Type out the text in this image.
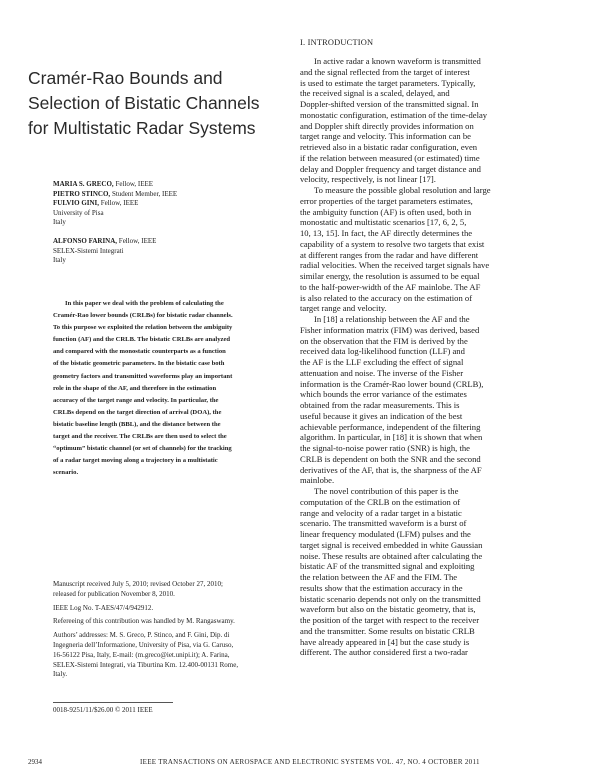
Cramér-Rao Bounds and
Selection of Bistatic Channels
for Multistatic Radar Systems
MARIA S. GRECO, Fellow, IEEE
PIETRO STINCO, Student Member, IEEE
FULVIO GINI, Fellow, IEEE
University of Pisa
Italy
ALFONSO FARINA, Fellow, IEEE
SELEX-Sistemi Integrati
Italy
In this paper we deal with the problem of calculating the
Cramér-Rao lower bounds (CRLBs) for bistatic radar channels.
To this purpose we exploited the relation between the ambiguity
function (AF) and the CRLB. The bistatic CRLBs are analyzed
and compared with the monostatic counterparts as a function
of the bistatic geometric parameters. In the bistatic case both
geometry factors and transmitted waveforms play an important
role in the shape of the AF, and therefore in the estimation
accuracy of the target range and velocity. In particular, the
CRLBs depend on the target direction of arrival (DOA), the
bistatic baseline length (BBL), and the distance between the
target and the receiver. The CRLBs are then used to select the
“optimum” bistatic channel (or set of channels) for the tracking
of a radar target moving along a trajectory in a multistatic
scenario.
Manuscript received July 5, 2010; revised October 27, 2010;
released for publication November 8, 2010.
IEEE Log No. T-AES/47/4/942912.
Refereeing of this contribution was handled by M. Rangaswamy.
Authors’ addresses: M. S. Greco, P. Stinco, and F. Gini, Dip. di
Ingegneria dell’Informazione, University of Pisa, via G. Caruso,
16-56122 Pisa, Italy, E-mail: (m.greco@iet.unipi.it); A. Farina,
SELEX-Sistemi Integrati, via Tiburtina Km. 12.400-00131 Rome,
Italy.
0018-9251/11/$26.00 © 2011 IEEE
I. INTRODUCTION
In active radar a known waveform is transmitted
and the signal reflected from the target of interest
is used to estimate the target parameters. Typically,
the received signal is a scaled, delayed, and
Doppler-shifted version of the transmitted signal. In
monostatic configuration, estimation of the time-delay
and Doppler shift directly provides information on
target range and velocity. This information can be
retrieved also in a bistatic radar configuration, even
if the relation between measured (or estimated) time
delay and Doppler frequency and target distance and
velocity, respectively, is not linear [17].
To measure the possible global resolution and large
error properties of the target parameters estimates,
the ambiguity function (AF) is often used, both in
monostatic and multistatic scenarios [17, 6, 2, 5,
10, 13, 15]. In fact, the AF directly determines the
capability of a system to resolve two targets that exist
at different ranges from the radar and have different
radial velocities. When the received target signals have
similar energy, the resolution is assumed to be equal
to the half-power-width of the AF mainlobe. The AF
is also related to the accuracy on the estimation of
target range and velocity.
In [18] a relationship between the AF and the
Fisher information matrix (FIM) was derived, based
on the observation that the FIM is derived by the
received data log-likelihood function (LLF) and
the AF is the LLF excluding the effect of signal
attenuation and noise. The inverse of the Fisher
information is the Cramér-Rao lower bound (CRLB),
which bounds the error variance of the estimates
obtained from the radar measurements. This is
useful because it gives an indication of the best
achievable performance, independent of the filtering
algorithm. In particular, in [18] it is shown that when
the signal-to-noise power ratio (SNR) is high, the
CRLB is dependent on both the SNR and the second
derivatives of the AF, that is, the sharpness of the AF
mainlobe.
The novel contribution of this paper is the
computation of the CRLB on the estimation of
range and velocity of a radar target in a bistatic
scenario. The transmitted waveform is a burst of
linear frequency modulated (LFM) pulses and the
target signal is received embedded in white Gaussian
noise. These results are obtained after calculating the
bistatic AF of the transmitted signal and exploiting
the relation between the AF and the FIM. The
results show that the estimation accuracy in the
bistatic scenario depends not only on the transmitted
waveform but also on the bistatic geometry, that is,
the position of the target with respect to the receiver
and the transmitter. Some results on bistatic CRLB
have already appeared in [4] but the case study is
different. The author considered first a two-radar
2934	IEEE TRANSACTIONS ON AEROSPACE AND ELECTRONIC SYSTEMS VOL. 47, NO. 4 OCTOBER 2011
